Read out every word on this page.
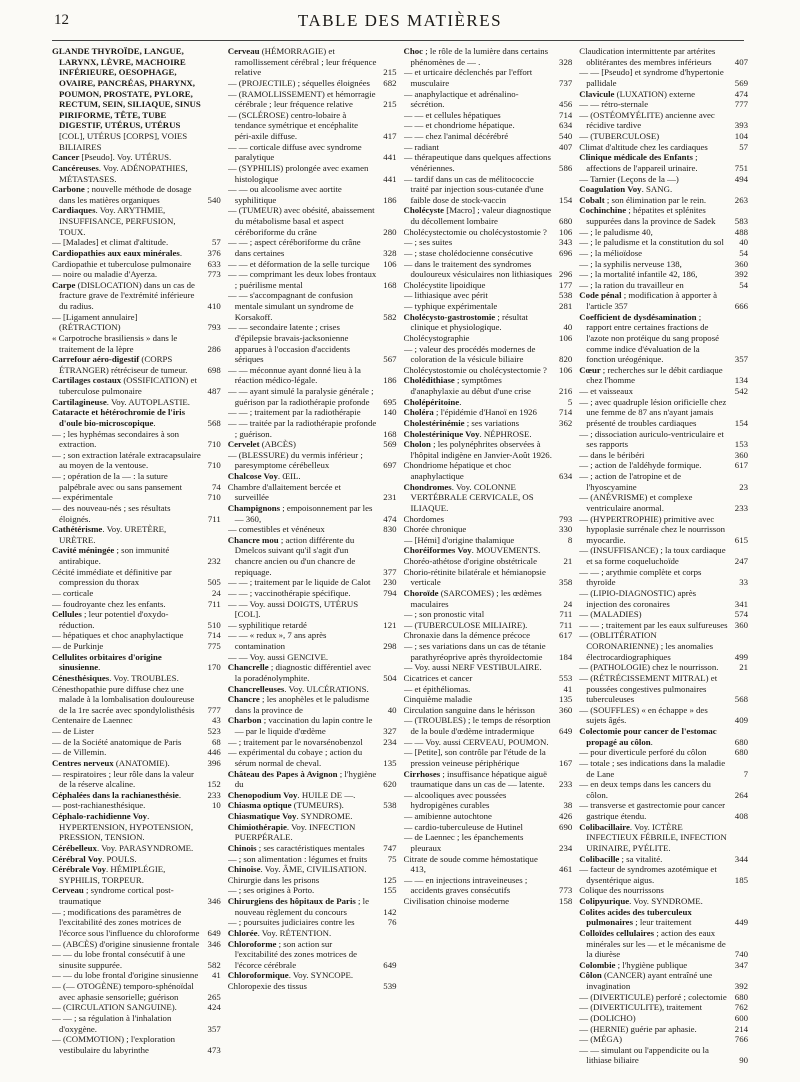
12	TABLE DES MATIÈRES
GLANDE THYROÏDE, LANGUE, LARYNX, LÈVRE, MACHOIRE INFÉRIEURE, OESOPHAGE, OVAIRE, PANCRÉAS, PHARYNX, POUMON, PROSTATE, PYLORE, RECTUM, SEIN, SILIAQUE, SINUS PIRIFORME, TÊTE, TUBE DIGESTIF, UTÉRUS, UTÉRUS [COL], UTÉRUS [CORPS], VOIES BILIAIRES
Cancer [Pseudo]. Voy. UTÉRUS.
Cancéreuses. Voy. ADÉNOPATHIES, MÉTASTASES.
Carbone ; nouvelle méthode de dosage dans les matières organiques	540
Cardiaques. Voy. ARYTHMIE, INSUFFISANCE, PERFUSION, TOUX.
— [Malades] et climat d'altitude.	57
Cardiopathies aux eaux minérales.	376
Cardiopathie et tuberculose pulmonaire	633
— noire ou maladie d'Ayerza.	773
Carpe (DISLOCATION) dans un cas de fracture grave de l'extrémité inférieure du radius.	410
— [Ligament annulaire] (RÉTRACTION)	793
« Carpotroche brasiliensis » dans le traitement de la lèpre	286
Carrefour aéro-digestif (CORPS ÉTRANGER) rétréciseur de tumeur.	698
Cartilages costaux (OSSIFICATION) et tuberculose pulmonaire	487
Cartilagineuse. Voy. AUTOPLASTIE.
Cataracte et hétérochromie de l'iris d'oule bio-microscopique.	568
— ; les hyphémas secondaires à son extraction.	710
— ; son extraction latérale extracapsulaire au moyen de la ventouse.	710
— ; opération de la — : la suture palpébrale avec ou sans pansement	74
— expérimentale	710
— des nouveau-nés ; ses résultats éloignés.	711
Cathétérisme. Voy. URETÈRE, URÈTRE.
Cavité méningée ; son immunité antirabique.	232
Cécité immédiate et définitive par compression du thorax	505
— corticale	24
— foudroyante chez les enfants.	711
Cellules ; leur potentiel d'oxydo-réduction.	510
— hépatiques et choc anaphylactique	714
— de Purkinje	775
Cellulites orbitaires d'origine sinusienne.	170
Cénesthésiques. Voy. TROUBLES.
Cénesthopathie pure diffuse chez une malade à la lombalisation douloureuse de la 1re sacrée avec spondylolisthésis	777
Centenaire de Laennec	43
— de Lister	523
— de la Société anatomique de Paris	68
— de Villemin.	446
Centres nerveux (ANATOMIE).	396
— respiratoires ; leur rôle dans la valeur de la réserve alcaline.	152
Céphalées dans la rachianesthésie.	233
— post-rachianesthésique.	10
Céphalo-rachidienne Voy. HYPERTENSION, HYPOTENSION, PRESSION, TENSION.
Cérébelleux. Voy. PARASYNDROME.
Cérébral Voy. POULS.
Cérébrale Voy. HÉMIPLÉGIE, SYPHILIS, TORPEUR.
Cerveau ; syndrome cortical post-traumatique	346
— ; modifications des paramètres de l'excitabilité des zones motrices de l'écorce sous l'influence du chloroforme 649
— (ABCÈS) d'origine sinusienne frontale 346
— — du lobe frontal consécutif à une sinusite suppurée.	582
— — du lobe frontal d'origine sinusienne	41
— (— OTOGÈNE) temporo-sphénoïdal avec aphasie sensorielle; guérison	265
— (CIRCULATION SANGUINE).	424
— — ; sa régulation à l'inhalation d'oxygène.	357
— (COMMOTION) ; l'exploration vestibulaire du labyrinthe	473
Cerveau (HÉMORRAGIE) et ramollissement cérébral ; leur fréquence relative	215
— (PROJECTILE) ; séquelles éloignées	682
— (RAMOLLISSEMENT) et hémorragie cérébrale ; leur fréquence relative	215
— (SCLÉROSE) centro-lobaire à tendance symétrique et encéphalite péri-axile diffuse.	417
— — corticale diffuse avec syndrome paralytique	441
— (SYPHILIS) prolongée avec examen histologique	441
— — ou alcoolisme avec aortite syphilitique	186
— (TUMEUR) avec obésité, abaissement du métabolisme basal et aspect céréboriforme du crâne	280
— — ; aspect céréboriforme du crâne dans certaines	328
— — et déformation de la selle turcique	106
— — comprimant les deux lobes frontaux ; puérilisme mental	168
— — s'accompagnant de confusion mentale simulant un syndrome de Korsakoff.	582
— — secondaire latente ; crises d'épilepsie bravais-jacksonienne apparues à l'occasion d'accidents sériques	567
— — méconnue ayant donné lieu à la réaction médico-légale.	186
— — ayant simulé la paralysie générale ; guérison par la radiothérapie profonde	695
— — ; traitement par la radiothérapie	140
— — traitée par la radiothérapie profonde ; guérison.	168
Cervelet (ABCÈS)	569
— (BLESSURE) du vermis inférieur ; paresymptome cérébelleux	697
Chalcose Voy. ŒIL.
Chambre d'allaitement bercée et surveillée	231
Champignons ; empoisonnement par les — 360,	474
— comestibles et vénéneux	830
Chancre mou ; action différente du Dmelcos suivant qu'il s'agit d'un chancre ancien ou d'un chancre de repiquage.	377
— — ; traitement par le liquide de Calot	230
— — ; vaccinothérapie spécifique.	794
— — Voy. aussi DOIGTS, UTÉRUS [COL].
— syphilitique retardé	121
— — « redux », 7 ans après contamination	298
— — Voy. aussi GENCIVE.
Chancrelle ; diagnostic différentiel avec la poradénolymphite.	504
Chancrelleuses. Voy. ULCÉRATIONS.
Chancre ; les anophèles et le paludisme dans la province de	40
Charbon ; vaccination du lapin contre le — par le liquide d'œdème	327
— ; traitement par le novarsénobenzol	234
— expérimental du cobaye ; action du sérum normal de cheval.	135
Château des Papes à Avignon ; l'hygiène du	620
Chenopodium Voy. HUILE DE —.
Chiasma optique (TUMEURS).	538
Chiasmatique Voy. SYNDROME.
Chimiothérapie. Voy. INFECTION PUERPÉRALE.
Chinois ; ses caractéristiques mentales	747
— ; son alimentation : légumes et fruits	75
Chinoise. Voy. ÂME, CIVILISATION.
Chirurgie dans les prisons	125
— ; ses origines à Porto.	155
Chirurgiens des hôpitaux de Paris ; le nouveau règlement du concours	142
— ; poursuites judiciaires contre les	76
Chlorée. Voy. RÉTENTION.
Chloroforme ; son action sur l'excitabilité des zones motrices de l'écorce cérébrale	649
Chloroformique. Voy. SYNCOPE.
Chloropexie des tissus	539
Choc ; le rôle de la lumière dans certains phénomènes de — .	328
— et urticaire déclenchés par l'effort musculaire	737
— anaphylactique et adrénalino-sécrétion.	456
— — et cellules hépatiques	714
— — et chondriome hépatique.	634
— — chez l'animal décérébré	540
— radiant	407
— thérapeutique dans quelques affections vénériennes.	586
— tardif dans un cas de mélitococcie traité par injection sous-cutanée d'une faible dose de stock-vaccin	154
Cholécyste [Macro] ; valeur diagnostique du décollement lombaire	680
Cholécystectomie ou cholécystostomie ?	106
— ; ses suites	343
— ; stase cholédocienne consécutive	696
— dans le traitement des syndromes douloureux vésiculaires non lithiasiques 296
Cholécystite lipoidique	177
— lithiasique avec périt	538
— typhique expérimentale	281
Cholécysto-gastrostomie ; résultat clinique et physiologique.	40
Cholécystographie	106
— ; valeur des procédés modernes de coloration de la vésicule biliaire	820
Cholécystostomie ou cholécystectomie ?	106
Cholédithiase ; symptômes d'anaphylaxie au début d'une crise	216
Cholépéritoine.	5
Choléra ; l'épidémie d'Hanoï en 1926	714
Cholestérinémie ; ses variations	362
Cholestérinique Voy. NÉPHROSE.
Cholon ; les polynéphrites observées à l'hôpital indigène en Janvier-Août 1926.
Chondriome hépatique et choc anaphylactique	634
Chondromes. Voy. COLONNE VERTÉBRALE CERVICALE, OS ILIAQUE.
Chordomes	793
Chorée chronique	330
— [Hémi] d'origine thalamique	8
Choréiformes Voy. MOUVEMENTS.
Choréo-athétose d'origine obstétricale	21
Chorio-rétinite bilatérale et hémianopsie verticale	358
Choroïde (SARCOMES) ; les œdèmes maculaires	24
— ; son pronostic vital	711
— (TUBERCULOSE MILIAIRE).	711
Chronaxie dans la démence précoce	617
— ; ses variations dans un cas de tétanie parathyréoprive après thyroïdectomie	184
— Voy. aussi NERF VESTIBULAIRE.
Cicatrices et cancer	553
— et épithéliomas.	41
Cinquième maladie	135
Circulation sanguine dans le hérisson	360
— (TROUBLES) ; le temps de résorption de la boule d'œdème intradermique	649
— — Voy. aussi CERVEAU, POUMON.
— [Petite], son contrôle par l'étude de la pression veineuse périphérique	167
Cirrhoses ; insuffisance hépatique aiguë traumatique dans un cas de — latente.	233
— alcooliques avec poussées hydropigènes curables	38
— amibienne autochtone	426
— cardio-tuberculeuse de Hutinel	690
— de Laennec ; les épanchements pleuraux	234
Citrate de soude comme hémostatique 413,	461
— — en injections intraveineuses ; accidents graves consécutifs	773
Civilisation chinoise moderne	158
Claudication intermittente par artérites oblitérantes des membres inférieurs	407
— — [Pseudo] et syndrome d'hypertonie pallidale	569
Clavicule (LUXATION) externe	474
— — rétro-sternale	777
— (OSTÉOMYÉLITE) ancienne avec récidive tardive	393
— (TUBERCULOSE)	104
Climat d'altitude chez les cardiaques	57
Clinique médicale des Enfants ; affections de l'appareil urinaire.	751
— Tarnier (Leçons de la —)	494
Coagulation Voy. SANG.
Cobalt ; son élimination par le rein.	263
Cochinchine ; hépatites et splénites suppurées dans la province de Sadek	583
— ; le paludisme 40,	488
— ; le paludisme et la constitution du sol	40
— ; la mélioïdose	54
— ; la syphilis nerveuse 138,	360
— ; la mortalité infantile 42, 186,	392
— ; la ration du travailleur en	54
Code pénal ; modification à apporter à l'article 357	666
Coefficient de dysdésamination ; rapport entre certaines fractions de l'azote non protéique du sang proposé comme indice d'évaluation de la fonction uréogénique.	357
Cœur ; recherches sur le débit cardiaque chez l'homme	134
— et vaisseaux	542
— ; avec quadruple lésion orificielle chez une femme de 87 ans n'ayant jamais présenté de troubles cardiaques	154
— ; dissociation auriculo-ventriculaire et ses rapports	153
— dans le béribéri	360
— ; action de l'aldéhyde formique.	617
— ; action de l'atropine et de l'hyoscyamine	23
— (ANÉVRISME) et complexe ventriculaire anormal.	233
— (HYPERTROPHIE) primitive avec hypoplasie surrénale chez le nourrisson myocardie.	615
— (INSUFFISANCE) ; la toux cardiaque et sa forme coqueluchoïde	247
— — ; arythmie complète et corps thyroïde	33
— (LIPIO-DIAGNOSTIC) après injection des coronaires	341
— (MALADIES)	574
— — ; traitement par les eaux sulfureuses 360
— (OBLITÉRATION CORONARIENNE) ; les anomalies électrocardiographiques	499
— (PATHOLOGIE) chez le nourrisson.	21
— (RÉTRÉCISSEMENT MITRAL) et poussées congestives pulmonaires tuberculeuses	568
— (SOUFFLES) « en échappe » des sujets âgés.	409
Colectomie pour cancer de l'estomac propagé au côlon.	680
— pour diverticule perforé du côlon	680
— totale ; ses indications dans la maladie de Lane	7
— en deux temps dans les cancers du côlon.	264
— transverse et gastrectomie pour cancer gastrique étendu.	408
Colibacillaire. Voy. ICTÈRE INFECTIEUX FÉBRILE, INFECTION URINAIRE, PYÉLITE.
Colibacille ; sa vitalité.	344
— facteur de syndromes azotémique et dysentérique aigus.	185
Colique des nourrissons
Colipyurique. Voy. SYNDROME.
Colites acides des tuberculeux pulmonaires ; leur traitement	449
Colloïdes cellulaires ; action des eaux minérales sur les — et le mécanisme de la diurèse	740
Colombie ; l'hygiène publique	347
Côlon (CANCER) ayant entraîné une invagination	392
— (DIVERTICULE) perforé ; colectomie 680
— (DIVERTICULITE), traitement	762
— (DOLICHO)	600
— (HERNIE) guérie par aphasie.	214
— (MÉGA)	766
— — simulant ou l'appendicite ou la lithiase biliaire	90
